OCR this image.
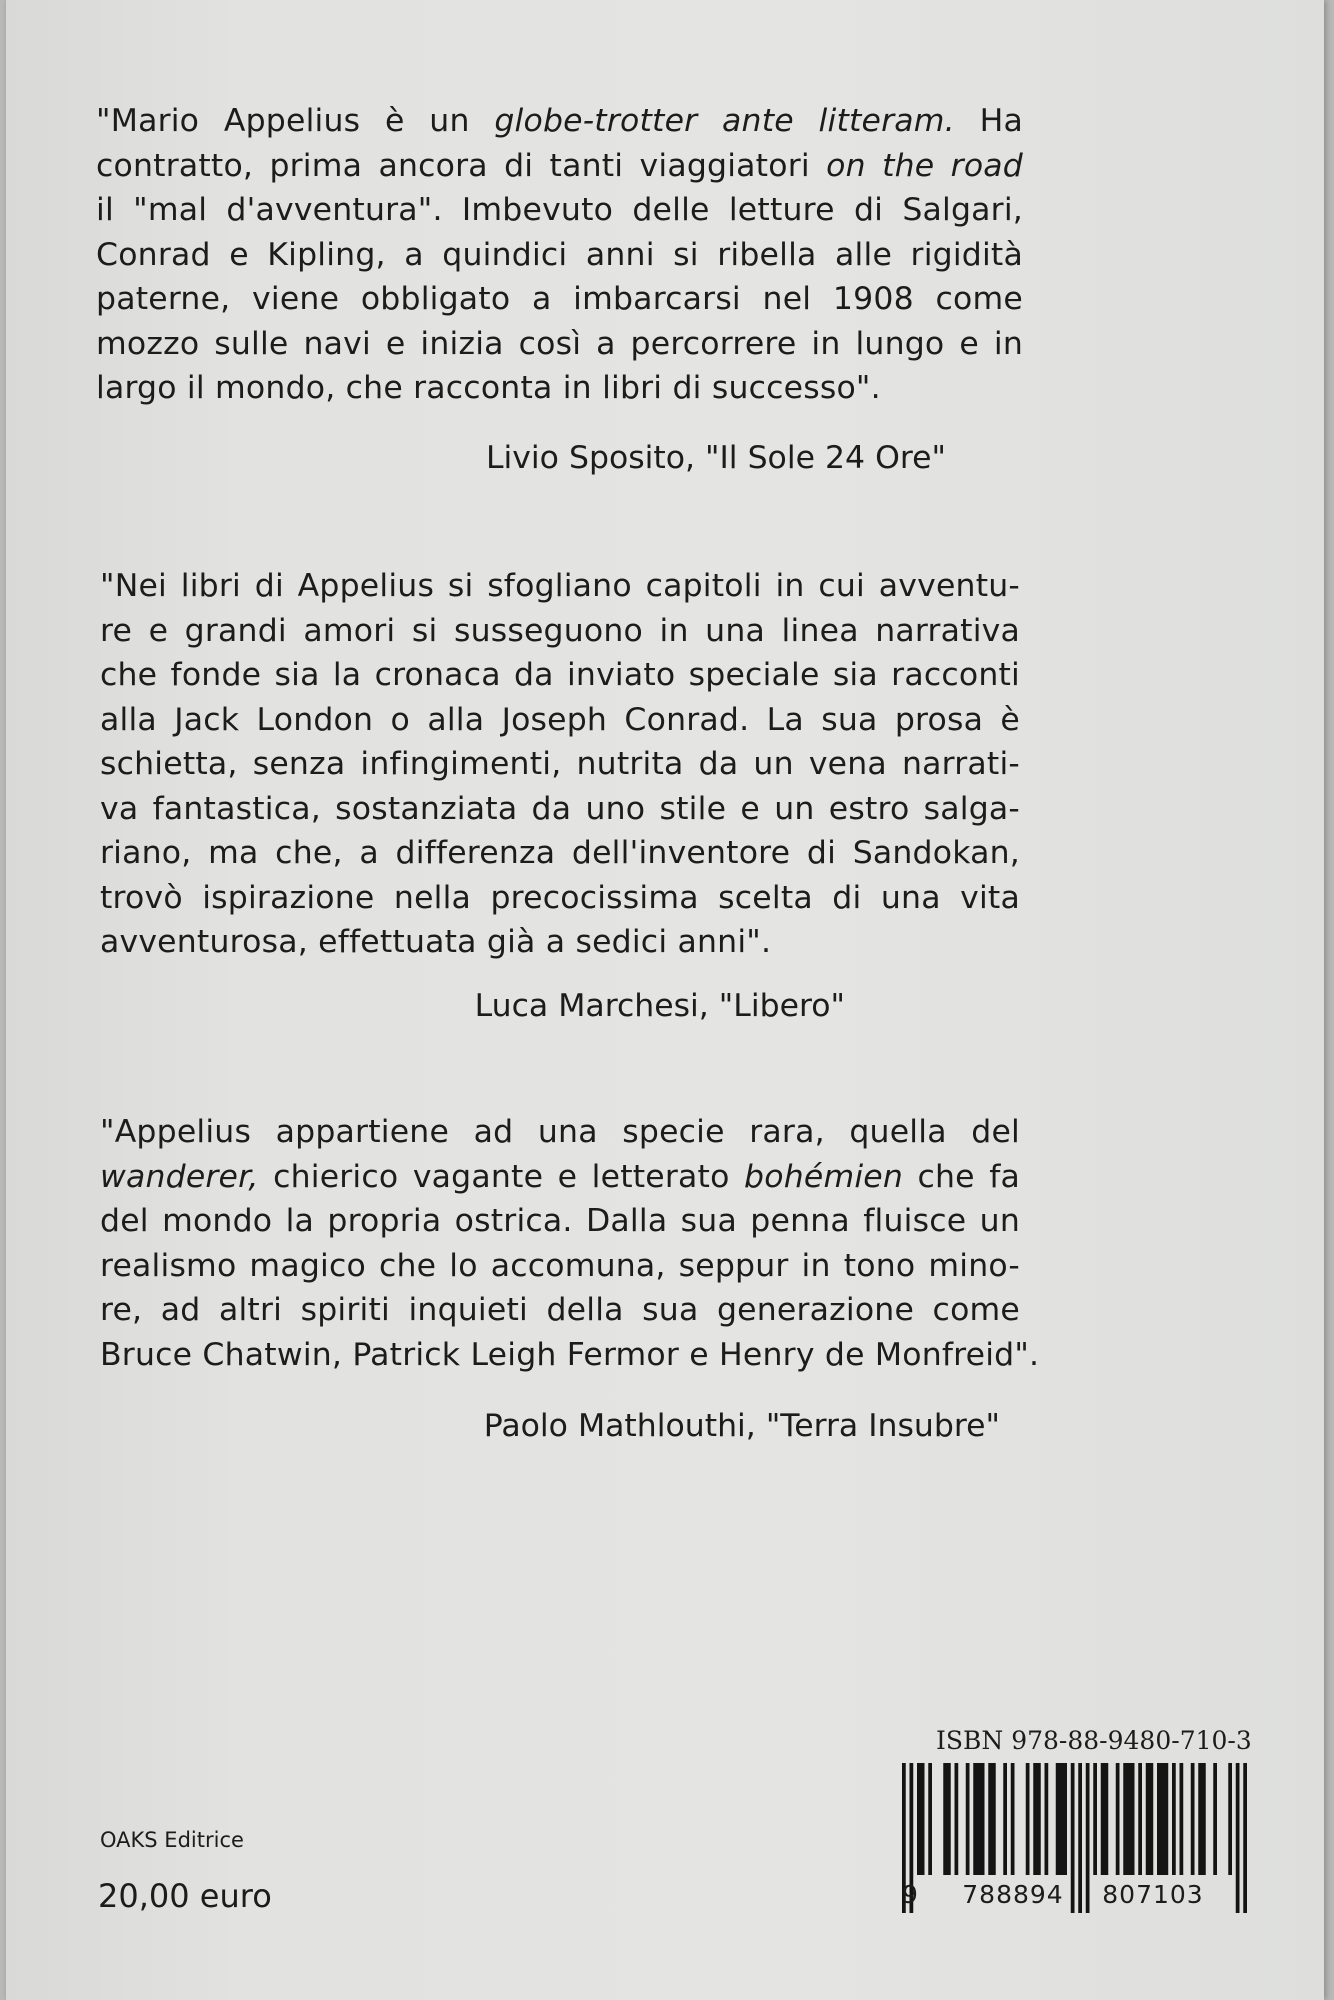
"Mario Appelius è un globe-trotter ante litteram. Ha
contratto, prima ancora di tanti viaggiatori on the road
il "mal d'avventura". Imbevuto delle letture di Salgari,
Conrad e Kipling, a quindici anni si ribella alle rigidità
paterne, viene obbligato a imbarcarsi nel 1908 come
mozzo sulle navi e inizia così a percorrere in lungo e in
largo il mondo, che racconta in libri di successo".
Livio Sposito, "Il Sole 24 Ore"
"Nei libri di Appelius si sfogliano capitoli in cui avventu-
re e grandi amori si susseguono in una linea narrativa
che fonde sia la cronaca da inviato speciale sia racconti
alla Jack London o alla Joseph Conrad. La sua prosa è
schietta, senza infingimenti, nutrita da un vena narrati-
va fantastica, sostanziata da uno stile e un estro salga-
riano, ma che, a differenza dell'inventore di Sandokan,
trovò ispirazione nella precocissima scelta di una vita
avventurosa, effettuata già a sedici anni".
Luca Marchesi, "Libero"
"Appelius appartiene ad una specie rara, quella del
wanderer, chierico vagante e letterato bohémien che fa
del mondo la propria ostrica. Dalla sua penna fluisce un
realismo magico che lo accomuna, seppur in tono mino-
re, ad altri spiriti inquieti della sua generazione come
Bruce Chatwin, Patrick Leigh Fermor e Henry de Monfreid".
Paolo Mathlouthi, "Terra Insubre"
OAKS Editrice
20,00 euro
ISBN 978-88-9480-710-3
9	788894	807103
